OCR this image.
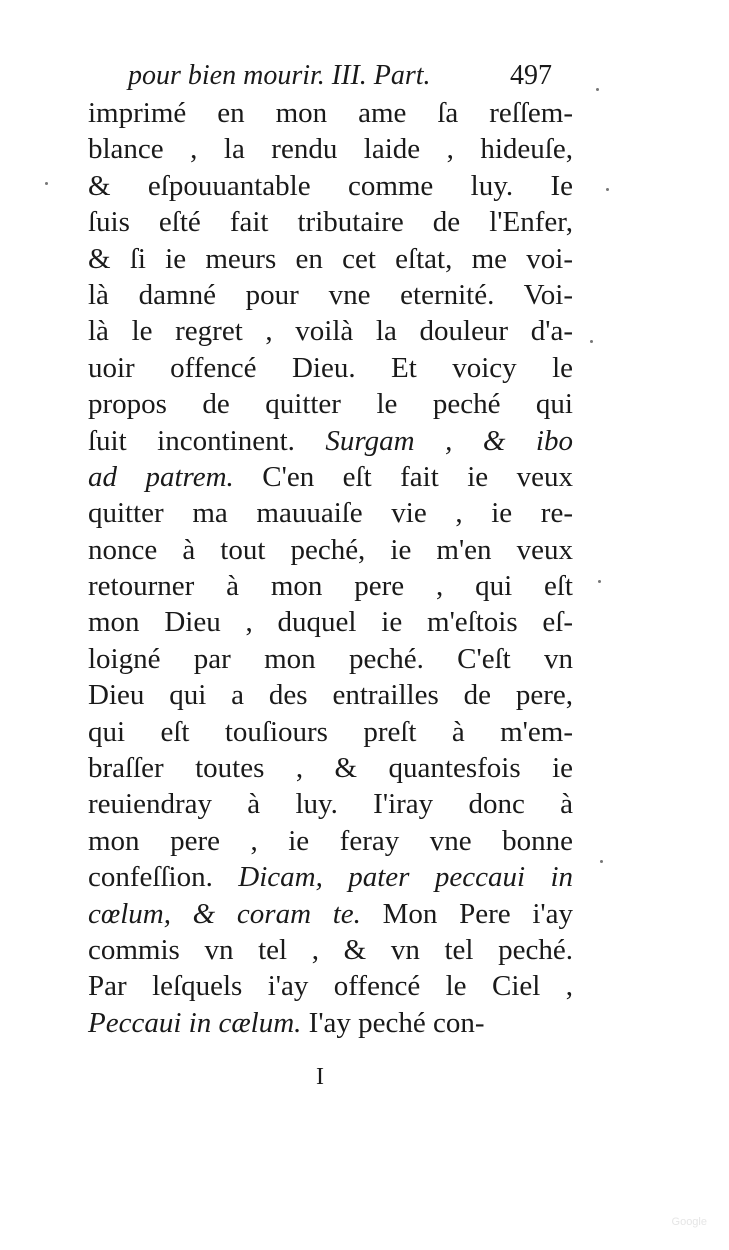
pour bien mourir. III. Part.	497
imprimé en mon ame ſa reſſem-
blance , la rendu laide , hideuſe,
& eſpouuantable comme luy. Ie
ſuis eſté fait tributaire de l'Enfer,
& ſi ie meurs en cet eſtat, me voi-
là damné pour vne eternité. Voi-
là le regret , voilà la douleur d'a-
uoir offencé Dieu. Et voicy le
propos de quitter le peché qui
ſuit incontinent. Surgam , & ibo
ad patrem. C'en eſt fait ie veux
quitter ma mauuaiſe vie , ie re-
nonce à tout peché, ie m'en veux
retourner à mon pere , qui eſt
mon Dieu , duquel ie m'eſtois eſ-
loigné par mon peché. C'eſt vn
Dieu qui a des entrailles de pere,
qui eſt touſiours preſt à m'em-
braſſer toutes , & quantesfois ie
reuiendray à luy. I'iray donc à
mon pere , ie feray vne bonne
confeſſion. Dicam, pater peccaui in
cœlum, & coram te. Mon Pere i'ay
commis vn tel , & vn tel peché.
Par leſquels i'ay offencé le Ciel ,
Peccaui in cælum. I'ay peché con-
I
Google
